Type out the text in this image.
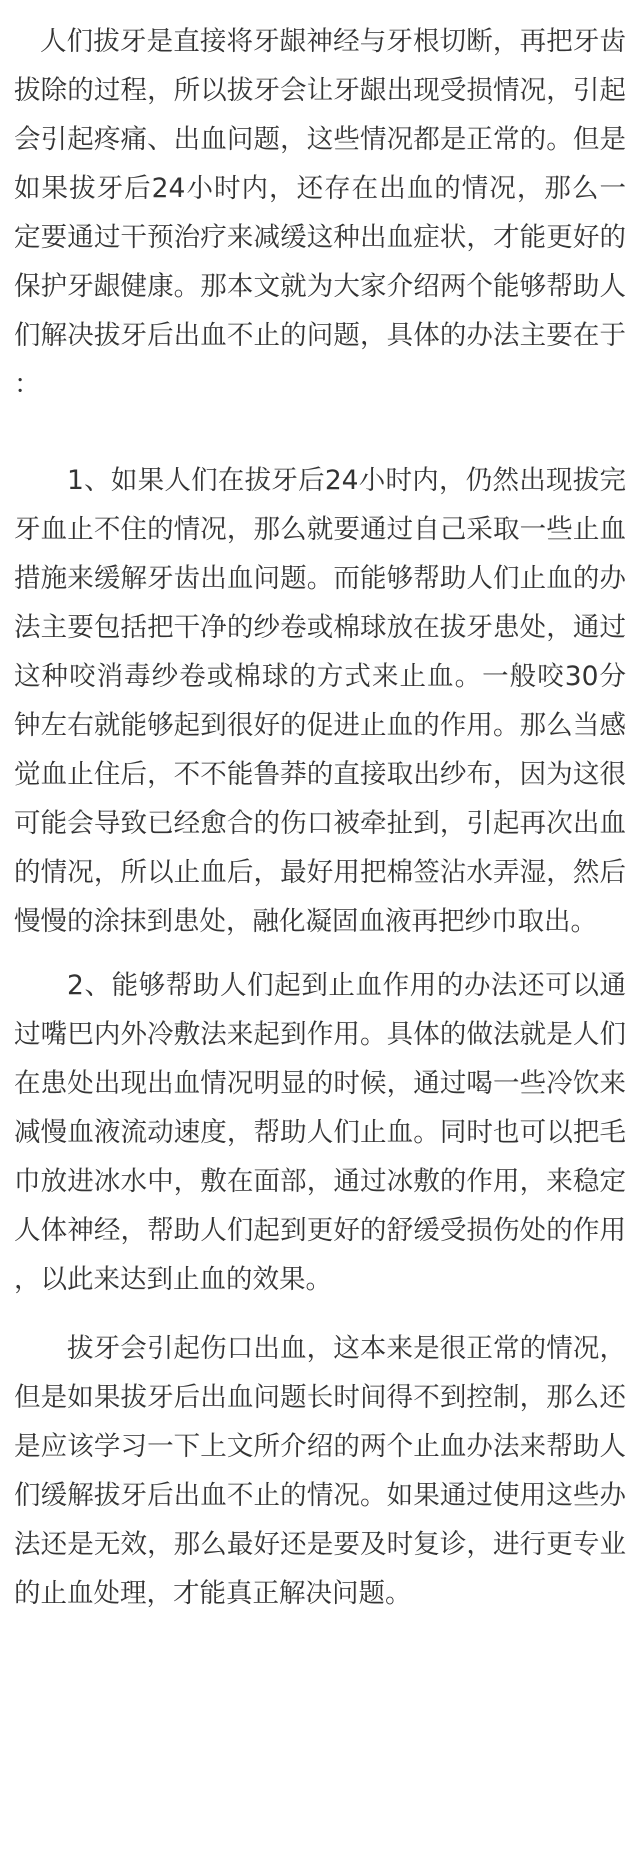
人们拔牙是直接将牙龈神经与牙根切断，再把牙齿拔除的过程，所以拔牙会让牙龈出现受损情况，引起会引起疼痛、出血问题，这些情况都是正常的。但是如果拔牙后24小时内，还存在出血的情况，那么一定要通过干预治疗来减缓这种出血症状，才能更好的保护牙龈健康。那本文就为大家介绍两个能够帮助人们解决拔牙后出血不止的问题，具体的办法主要在于：

1、如果人们在拔牙后24小时内，仍然出现拔完牙血止不住的情况，那么就要通过自己采取一些止血措施来缓解牙齿出血问题。而能够帮助人们止血的办法主要包括把干净的纱卷或棉球放在拔牙患处，通过这种咬消毒纱卷或棉球的方式来止血。一般咬30分钟左右就能够起到很好的促进止血的作用。那么当感觉血止住后，不不能鲁莽的直接取出纱布，因为这很可能会导致已经愈合的伤口被牵扯到，引起再次出血的情况，所以止血后，最好用把棉签沾水弄湿，然后慢慢的涂抹到患处，融化凝固血液再把纱巾取出。

2、能够帮助人们起到止血作用的办法还可以通过嘴巴内外冷敷法来起到作用。具体的做法就是人们在患处出现出血情况明显的时候，通过喝一些冷饮来减慢血液流动速度，帮助人们止血。同时也可以把毛巾放进冰水中，敷在面部，通过冰敷的作用，来稳定人体神经，帮助人们起到更好的舒缓受损伤处的作用，以此来达到止血的效果。

拔牙会引起伤口出血，这本来是很正常的情况，但是如果拔牙后出血问题长时间得不到控制，那么还是应该学习一下上文所介绍的两个止血办法来帮助人们缓解拔牙后出血不止的情况。如果通过使用这些办法还是无效，那么最好还是要及时复诊，进行更专业的止血处理，才能真正解决问题。
